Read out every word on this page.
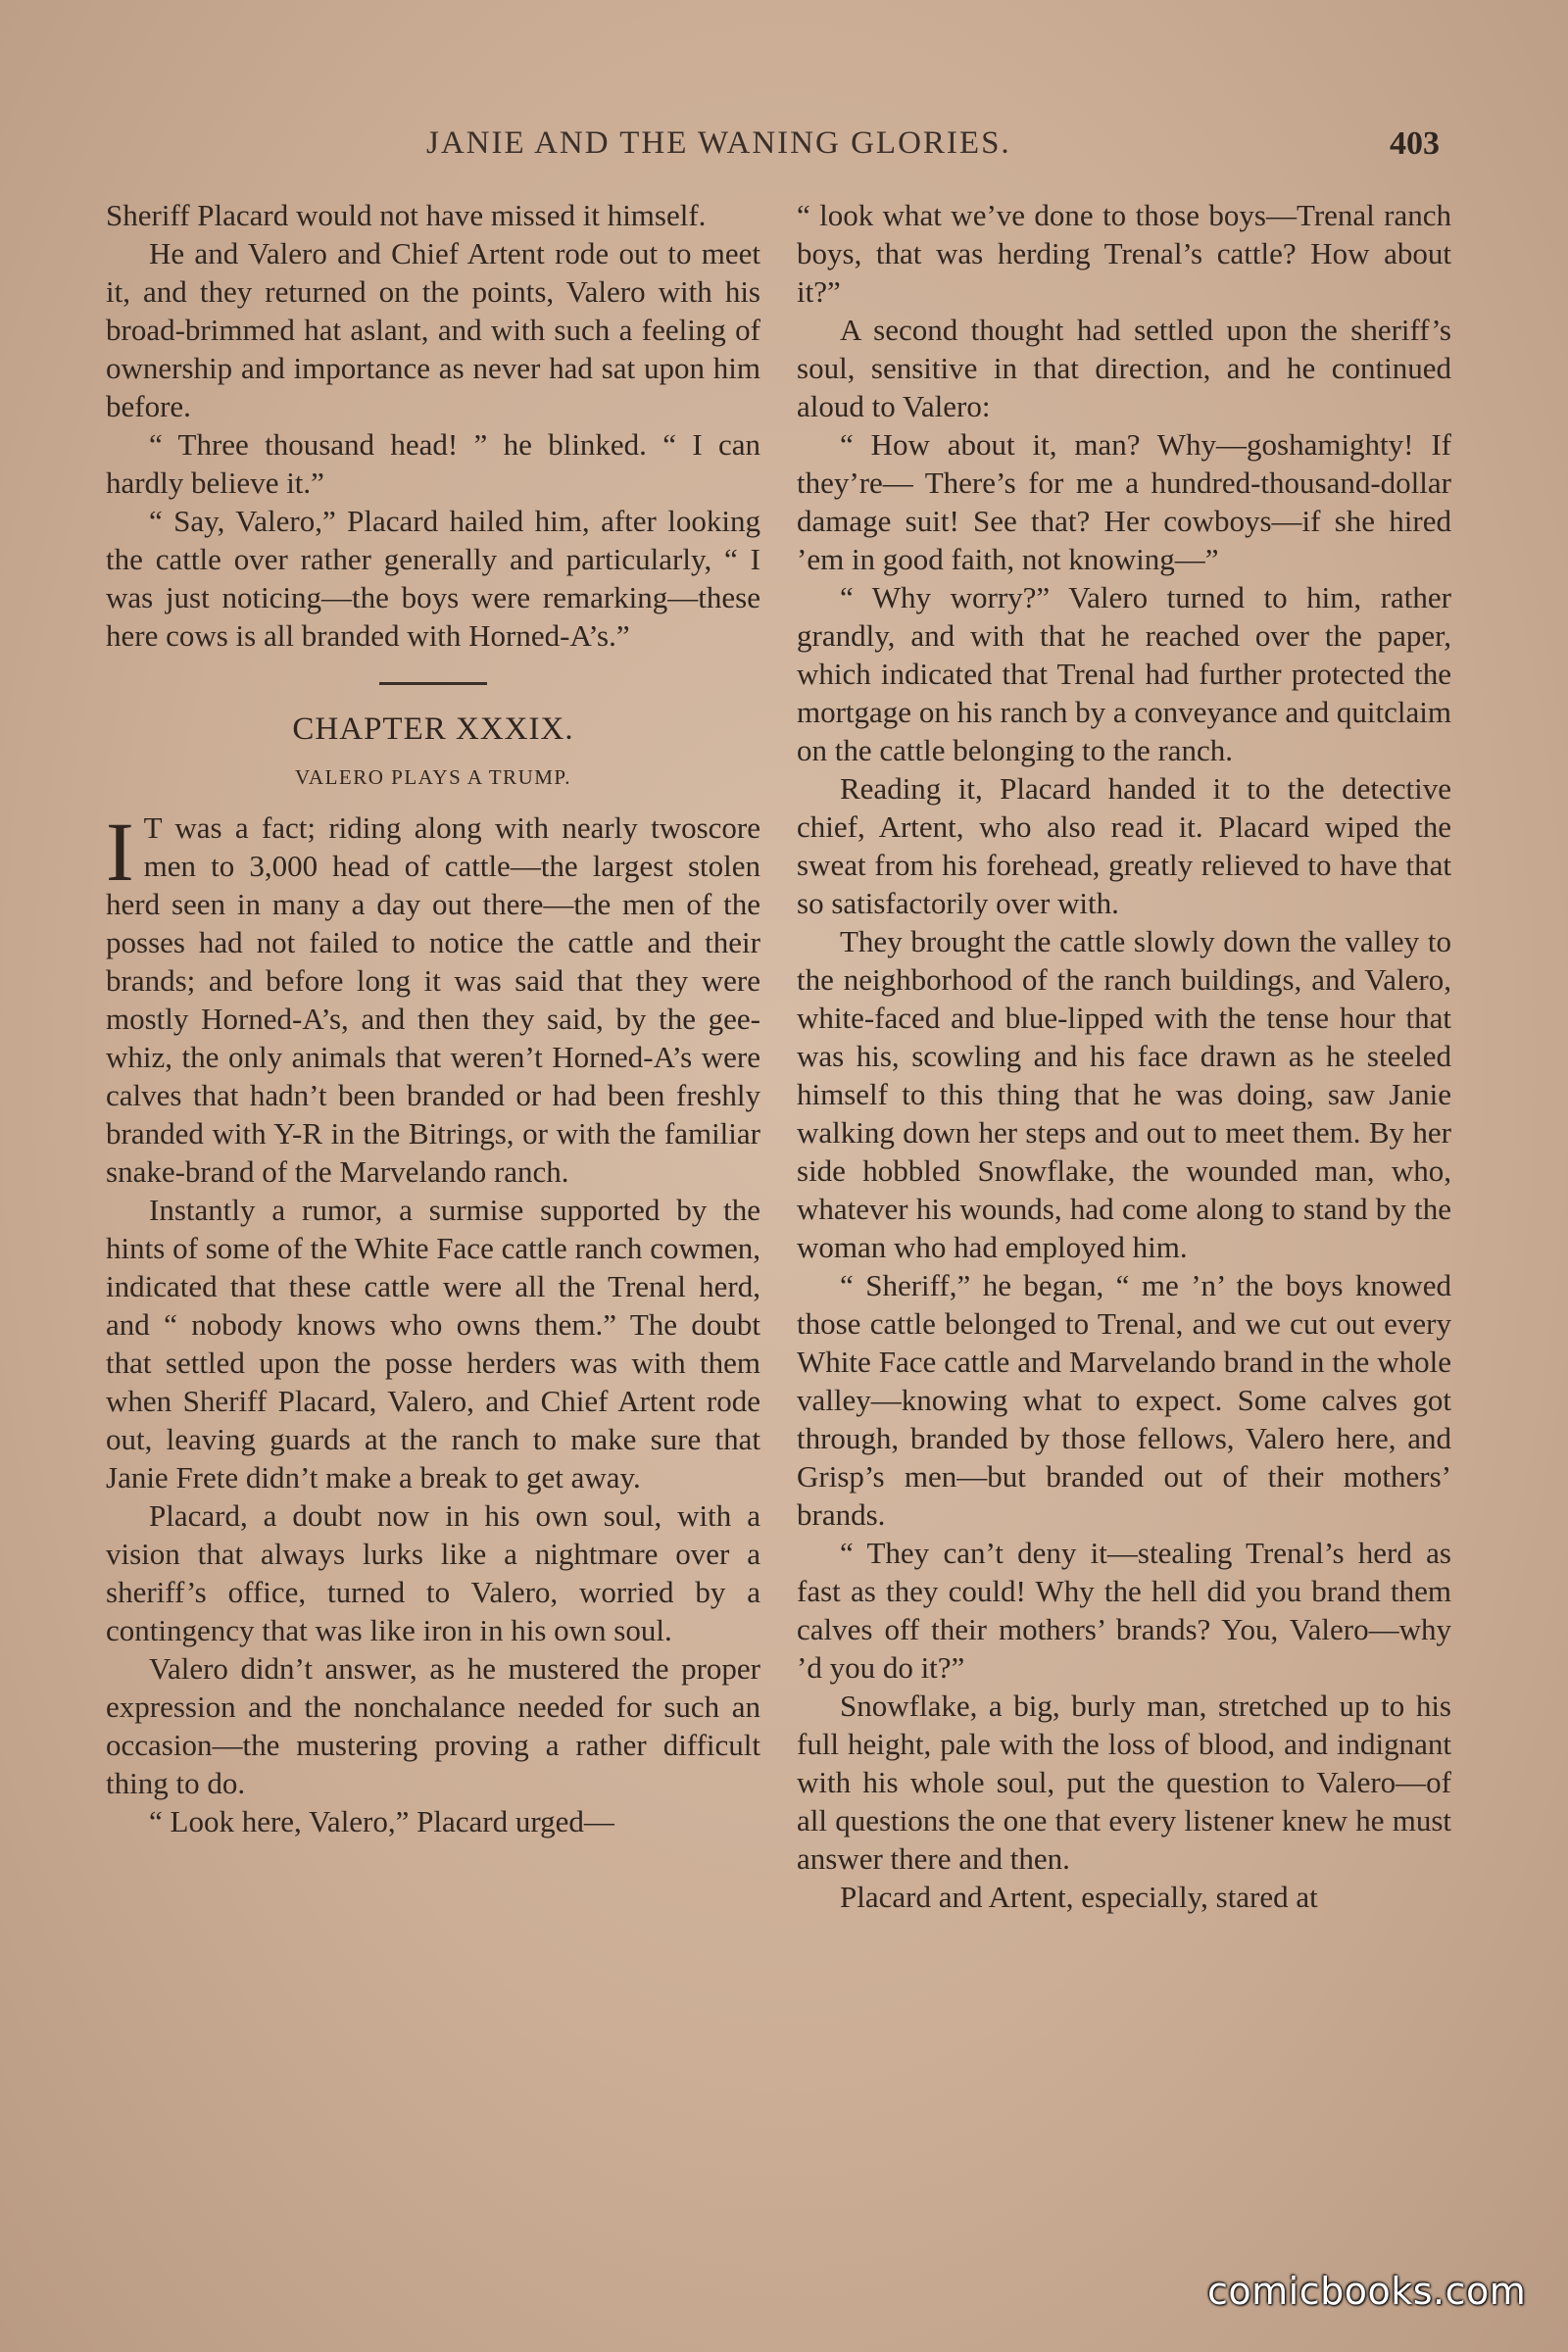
JANIE AND THE WANING GLORIES.	403

Sheriff Placard would not have missed it himself.

He and Valero and Chief Artent rode out to meet it, and they returned on the points, Valero with his broad-brimmed hat aslant, and with such a feeling of ownership and importance as never had sat upon him before.

“ Three thousand head! ” he blinked. “ I can hardly believe it.”

“ Say, Valero,” Placard hailed him, after looking the cattle over rather generally and particularly, “ I was just noticing—the boys were remarking—these here cows is all branded with Horned-A’s.”

CHAPTER XXXIX.
VALERO PLAYS A TRUMP.
I T was a fact; riding along with nearly twoscore men to 3,000 head of cattle—the largest stolen herd seen in many a day out there—the men of the posses had not failed to notice the cattle and their brands; and before long it was said that they were mostly Horned-A’s, and then they said, by the gee-whiz, the only animals that weren’t Horned-A’s were calves that hadn’t been branded or had been freshly branded with Y-R in the Bitrings, or with the familiar snake-brand of the Marvelando ranch.

Instantly a rumor, a surmise supported by the hints of some of the White Face cattle ranch cowmen, indicated that these cattle were all the Trenal herd, and “ nobody knows who owns them.” The doubt that settled upon the posse herders was with them when Sheriff Placard, Valero, and Chief Artent rode out, leaving guards at the ranch to make sure that Janie Frete didn’t make a break to get away.

Placard, a doubt now in his own soul, with a vision that always lurks like a nightmare over a sheriff’s office, turned to Valero, worried by a contingency that was like iron in his own soul.

Valero didn’t answer, as he mustered the proper expression and the nonchalance needed for such an occasion—the mustering proving a rather difficult thing to do.

“ Look here, Valero,” Placard urged—

“ look what we’ve done to those boys—Trenal ranch boys, that was herding Trenal’s cattle? How about it?”

A second thought had settled upon the sheriff’s soul, sensitive in that direction, and he continued aloud to Valero:

“ How about it, man? Why—goshamighty! If they’re— There’s for me a hundred-thousand-dollar damage suit! See that? Her cowboys—if she hired ’em in good faith, not knowing—”

“ Why worry?” Valero turned to him, rather grandly, and with that he reached over the paper, which indicated that Trenal had further protected the mortgage on his ranch by a conveyance and quitclaim on the cattle belonging to the ranch.

Reading it, Placard handed it to the detective chief, Artent, who also read it. Placard wiped the sweat from his forehead, greatly relieved to have that so satisfactorily over with.

They brought the cattle slowly down the valley to the neighborhood of the ranch buildings, and Valero, white-faced and blue-lipped with the tense hour that was his, scowling and his face drawn as he steeled himself to this thing that he was doing, saw Janie walking down her steps and out to meet them. By her side hobbled Snowflake, the wounded man, who, whatever his wounds, had come along to stand by the woman who had employed him.

“ Sheriff,” he began, “ me ’n’ the boys knowed those cattle belonged to Trenal, and we cut out every White Face cattle and Marvelando brand in the whole valley—knowing what to expect. Some calves got through, branded by those fellows, Valero here, and Grisp’s men—but branded out of their mothers’ brands.

“ They can’t deny it—stealing Trenal’s herd as fast as they could! Why the hell did you brand them calves off their mothers’ brands? You, Valero—why ’d you do it?”

Snowflake, a big, burly man, stretched up to his full height, pale with the loss of blood, and indignant with his whole soul, put the question to Valero—of all questions the one that every listener knew he must answer there and then.

Placard and Artent, especially, stared at

comicbooks.com
